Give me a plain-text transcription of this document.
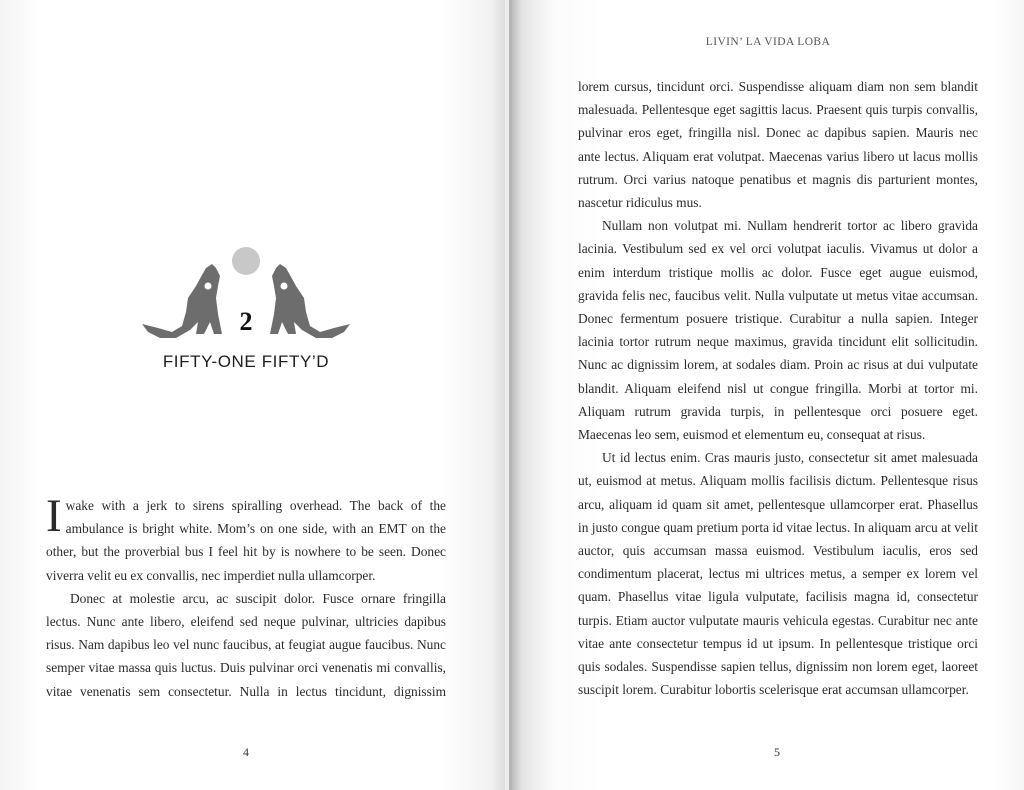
2
FIFTY-ONE FIFTY’D

I wake with a jerk to sirens spiralling overhead. The back of the ambulance is bright white. Mom’s on one side, with an EMT on the other, but the proverbial bus I feel hit by is nowhere to be seen. Donec viverra velit eu ex convallis, nec imperdiet nulla ullamcorper.

Donec at molestie arcu, ac suscipit dolor. Fusce ornare fringilla lectus. Nunc ante libero, eleifend sed neque pulvinar, ultricies dapibus risus. Nam dapibus leo vel nunc faucibus, at feugiat augue faucibus. Nunc semper vitae massa quis luctus. Duis pulvinar orci venenatis mi convallis, vitae venenatis sem consectetur. Nulla in lectus tincidunt, dignissim

4
LIVIN’ LA VIDA LOBA

lorem cursus, tincidunt orci. Suspendisse aliquam diam non sem blandit malesuada. Pellentesque eget sagittis lacus. Praesent quis turpis convallis, pulvinar eros eget, fringilla nisl. Donec ac dapibus sapien. Mauris nec ante lectus. Aliquam erat volutpat. Maecenas varius libero ut lacus mollis rutrum. Orci varius natoque penatibus et magnis dis parturient montes, nascetur ridiculus mus.

Nullam non volutpat mi. Nullam hendrerit tortor ac libero gravida lacinia. Vestibulum sed ex vel orci volutpat iaculis. Vivamus ut dolor a enim interdum tristique mollis ac dolor. Fusce eget augue euismod, gravida felis nec, faucibus velit. Nulla vulputate ut metus vitae accumsan. Donec fermentum posuere tristique. Curabitur a nulla sapien. Integer lacinia tortor rutrum neque maximus, gravida tincidunt elit sollicitudin. Nunc ac dignissim lorem, at sodales diam. Proin ac risus at dui vulputate blandit. Aliquam eleifend nisl ut congue fringilla. Morbi at tortor mi. Aliquam rutrum gravida turpis, in pellentesque orci posuere eget. Maecenas leo sem, euismod et elementum eu, consequat at risus.

Ut id lectus enim. Cras mauris justo, consectetur sit amet malesuada ut, euismod at metus. Aliquam mollis facilisis dictum. Pellentesque risus arcu, aliquam id quam sit amet, pellentesque ullamcorper erat. Phasellus in justo congue quam pretium porta id vitae lectus. In aliquam arcu at velit auctor, quis accumsan massa euismod. Vestibulum iaculis, eros sed condimentum placerat, lectus mi ultrices metus, a semper ex lorem vel quam. Phasellus vitae ligula vulputate, facilisis magna id, consectetur turpis. Etiam auctor vulputate mauris vehicula egestas. Curabitur nec ante vitae ante consectetur tempus id ut ipsum. In pellentesque tristique orci quis sodales. Suspendisse sapien tellus, dignissim non lorem eget, laoreet suscipit lorem. Curabitur lobortis scelerisque erat accumsan ullamcorper.

5
